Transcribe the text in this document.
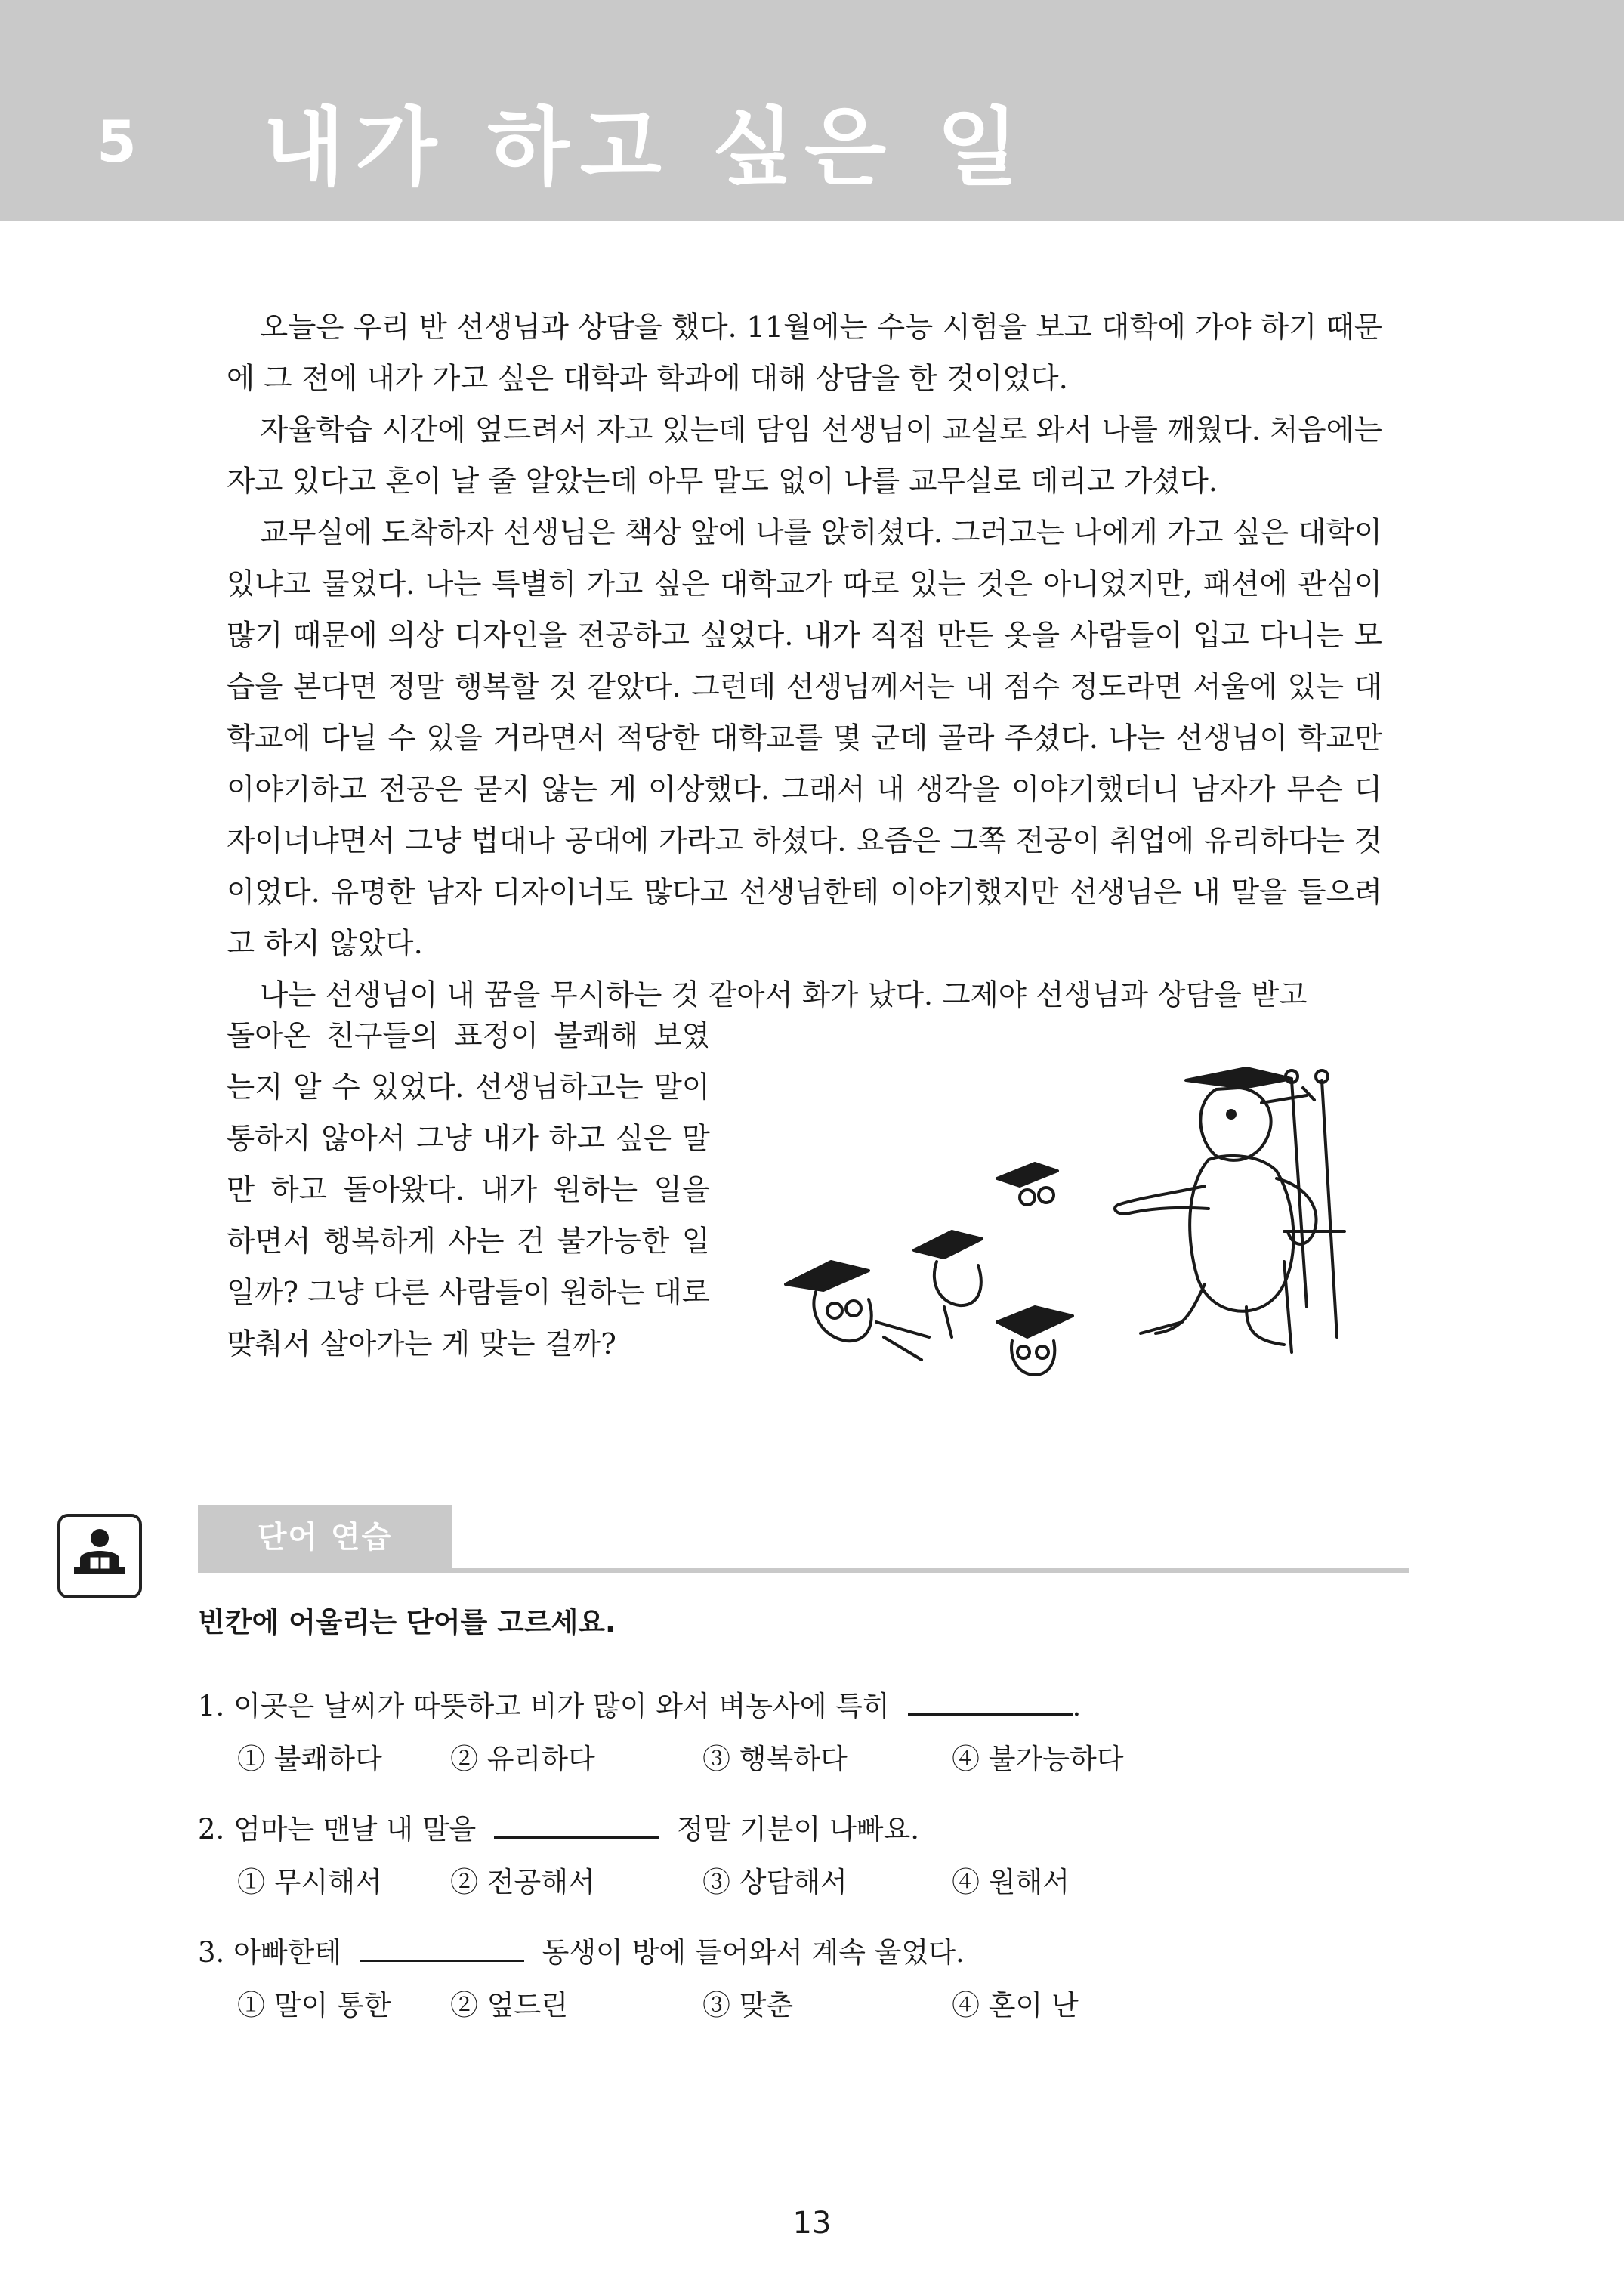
5 내가 하고 싶은 일

오늘은 우리 반 선생님과 상담을 했다. 11월에는 수능 시험을 보고 대학에 가야 하기 때문에 그 전에 내가 가고 싶은 대학과 학과에 대해 상담을 한 것이었다.

자율학습 시간에 엎드려서 자고 있는데 담임 선생님이 교실로 와서 나를 깨웠다. 처음에는 자고 있다고 혼이 날 줄 알았는데 아무 말도 없이 나를 교무실로 데리고 가셨다.

교무실에 도착하자 선생님은 책상 앞에 나를 앉히셨다. 그러고는 나에게 가고 싶은 대학이 있냐고 물었다. 나는 특별히 가고 싶은 대학교가 따로 있는 것은 아니었지만, 패션에 관심이 많기 때문에 의상 디자인을 전공하고 싶었다. 내가 직접 만든 옷을 사람들이 입고 다니는 모습을 본다면 정말 행복할 것 같았다. 그런데 선생님께서는 내 점수 정도라면 서울에 있는 대학교에 다닐 수 있을 거라면서 적당한 대학교를 몇 군데 골라 주셨다. 나는 선생님이 학교만 이야기하고 전공은 묻지 않는 게 이상했다. 그래서 내 생각을 이야기했더니 남자가 무슨 디자이너냐면서 그냥 법대나 공대에 가라고 하셨다. 요즘은 그쪽 전공이 취업에 유리하다는 것이었다. 유명한 남자 디자이너도 많다고 선생님한테 이야기했지만 선생님은 내 말을 들으려고 하지 않았다.

나는 선생님이 내 꿈을 무시하는 것 같아서 화가 났다. 그제야 선생님과 상담을 받고

돌아온 친구들의 표정이 불쾌해 보였는지 알 수 있었다. 선생님하고는 말이 통하지 않아서 그냥 내가 하고 싶은 말만 하고 돌아왔다. 내가 원하는 일을 하면서 행복하게 사는 건 불가능한 일일까? 그냥 다른 사람들이 원하는 대로 맞춰서 살아가는 게 맞는 걸까?
단어 연습
빈칸에 어울리는 단어를 고르세요.
1. 이곳은 날씨가 따뜻하고 비가 많이 와서 벼농사에 특히	.
① 불쾌하다 ② 유리하다	③ 행복하다	④ 불가능하다
2. 엄마는 맨날 내 말을	정말 기분이 나빠요.
① 무시해서 ② 전공해서	③ 상담해서	④ 원해서
3. 아빠한테	동생이 방에 들어와서 계속 울었다.
① 말이 통한 ② 엎드린	③ 맞춘	④ 혼이 난
13
